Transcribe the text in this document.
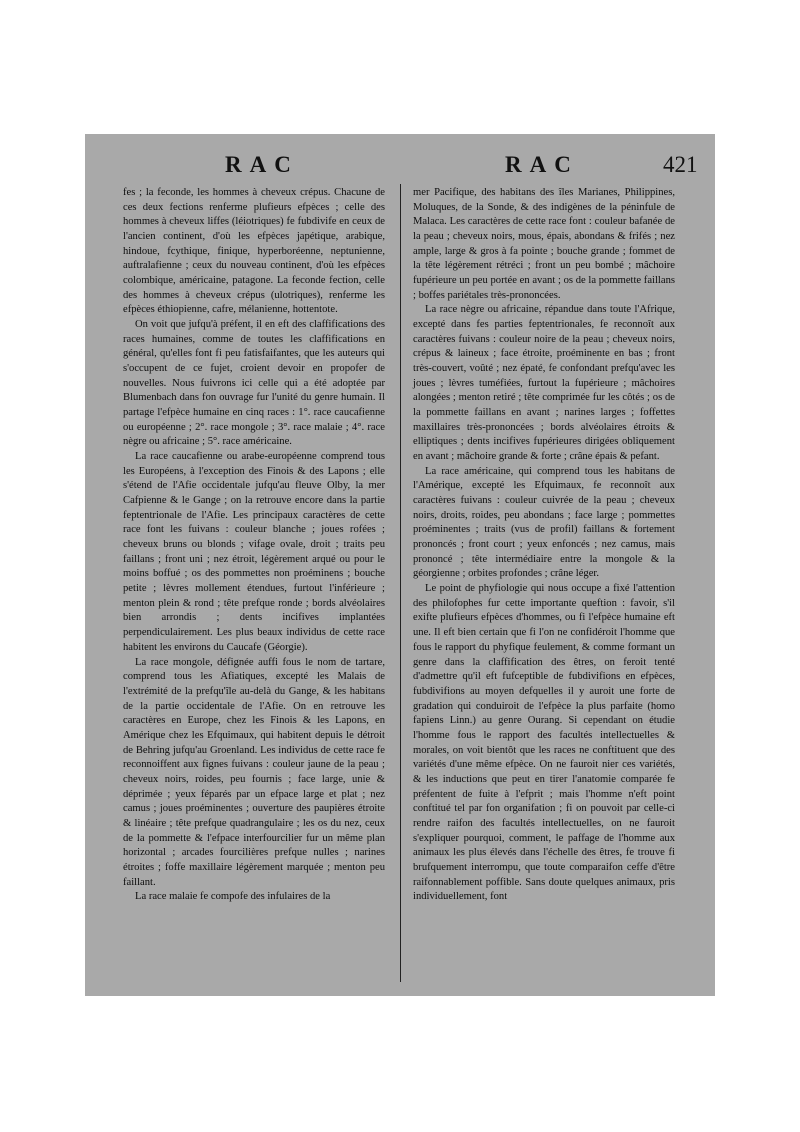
RAC	RAC	421

fes ; la feconde, les hommes à cheveux crépus. Chacune de ces deux fections renferme plufieurs efpèces ; celle des hommes à cheveux liffes (léiotriques) fe fubdivife en ceux de l'ancien continent, d'où les efpèces japétique, arabique, hindoue, fcythique, finique, hyperboréenne, neptunienne, auftralafienne ; ceux du nouveau continent, d'où les efpèces colombique, américaine, patagone. La feconde fection, celle des hommes à cheveux crépus (ulotriques), renferme les efpèces éthiopienne, cafre, mélanienne, hottentote.

On voit que jufqu'à préfent, il en eft des claffifications des races humaines, comme de toutes les claffifications en général, qu'elles font fi peu fatisfaifantes, que les auteurs qui s'occupent de ce fujet, croient devoir en propofer de nouvelles. Nous fuivrons ici celle qui a été adoptée par Blumenbach dans fon ouvrage fur l'unité du genre humain. Il partage l'efpèce humaine en cinq races : 1°. race caucafienne ou européenne ; 2°. race mongole ; 3°. race malaie ; 4°. race nègre ou africaine ; 5°. race américaine.

La race caucafienne ou arabe-européenne comprend tous les Européens, à l'exception des Finois & des Lapons ; elle s'étend de l'Afie occidentale jufqu'au fleuve Olby, la mer Cafpienne & le Gange ; on la retrouve encore dans la partie feptentrionale de l'Afie. Les principaux caractères de cette race font les fuivans : couleur blanche ; joues rofées ; cheveux bruns ou blonds ; vifage ovale, droit ; traits peu faillans ; front uni ; nez étroit, légèrement arqué ou pour le moins boffué ; os des pommettes non proéminens ; bouche petite ; lèvres mollement étendues, furtout l'inférieure ; menton plein & rond ; tête prefque ronde ; bords alvéolaires bien arrondis ; dents incifives implantées perpendiculairement. Les plus beaux individus de cette race habitent les environs du Caucafe (Géorgie).

La race mongole, défignée auffi fous le nom de tartare, comprend tous les Afiatiques, excepté les Malais de l'extrémité de la prefqu'île au-delà du Gange, & les habitans de la partie occidentale de l'Afie. On en retrouve les caractères en Europe, chez les Finois & les Lapons, en Amérique chez les Efquimaux, qui habitent depuis le détroit de Behring jufqu'au Groenland. Les individus de cette race fe reconnoiffent aux fignes fuivans : couleur jaune de la peau ; cheveux noirs, roides, peu fournis ; face large, unie & déprimée ; yeux féparés par un efpace large et plat ; nez camus ; joues proéminentes ; ouverture des paupières étroite & linéaire ; tête prefque quadrangulaire ; les os du nez, ceux de la pommette & l'efpace interfourcilier fur un même plan horizontal ; arcades fourcilières prefque nulles ; narines étroites ; foffe maxillaire légèrement marquée ; menton peu faillant.

La race malaie fe compofe des infulaires de la

mer Pacifique, des habitans des îles Marianes, Philippines, Moluques, de la Sonde, & des indigènes de la péninfule de Malaca. Les caractères de cette race font : couleur bafanée de la peau ; cheveux noirs, mous, épais, abondans & frifés ; nez ample, large & gros à fa pointe ; bouche grande ; fommet de la tête légèrement rétréci ; front un peu bombé ; mâchoire fupérieure un peu portée en avant ; os de la pommette faillans ; boffes pariétales très-prononcées.

La race nègre ou africaine, répandue dans toute l'Afrique, excepté dans fes parties feptentrionales, fe reconnoît aux caractères fuivans : couleur noire de la peau ; cheveux noirs, crépus & laineux ; face étroite, proéminente en bas ; front très-couvert, voûté ; nez épaté, fe confondant prefqu'avec les joues ; lèvres tuméfiées, furtout la fupérieure ; mâchoires alongées ; menton retiré ; tête comprimée fur les côtés ; os de la pommette faillans en avant ; narines larges ; foffettes maxillaires très-prononcées ; bords alvéolaires étroits & elliptiques ; dents incifives fupérieures dirigées obliquement en avant ; mâchoire grande & forte ; crâne épais & pefant.

La race américaine, qui comprend tous les habitans de l'Amérique, excepté les Efquimaux, fe reconnoît aux caractères fuivans : couleur cuivrée de la peau ; cheveux noirs, droits, roides, peu abondans ; face large ; pommettes proéminentes ; traits (vus de profil) faillans & fortement prononcés ; front court ; yeux enfoncés ; nez camus, mais prononcé ; tête intermédiaire entre la mongole & la géorgienne ; orbites profondes ; crâne léger.

Le point de phyfiologie qui nous occupe a fixé l'attention des philofophes fur cette importante queftion : favoir, s'il exifte plufieurs efpèces d'hommes, ou fi l'efpèce humaine eft une. Il eft bien certain que fi l'on ne confidéroit l'homme que fous le rapport du phyfique feulement, & comme formant un genre dans la claffification des êtres, on feroit tenté d'admettre qu'il eft fufceptible de fubdivifions en efpèces, fubdivifions au moyen defquelles il y auroit une forte de gradation qui conduiroit de l'efpèce la plus parfaite (homo fapiens Linn.) au genre Ourang. Si cependant on étudie l'homme fous le rapport des facultés intellectuelles & morales, on voit bientôt que les races ne conftituent que des variétés d'une même efpèce. On ne fauroit nier ces variétés, & les inductions que peut en tirer l'anatomie comparée fe préfentent de fuite à l'efprit ; mais l'homme n'eft point conftitué tel par fon organifation ; fi on pouvoit par celle-ci rendre raifon des facultés intellectuelles, on ne fauroit s'expliquer pourquoi, comment, le paffage de l'homme aux animaux les plus élevés dans l'échelle des êtres, fe trouve fi brufquement interrompu, que toute comparaifon ceffe d'être raifonnablement poffible. Sans doute quelques animaux, pris individuellement, font
